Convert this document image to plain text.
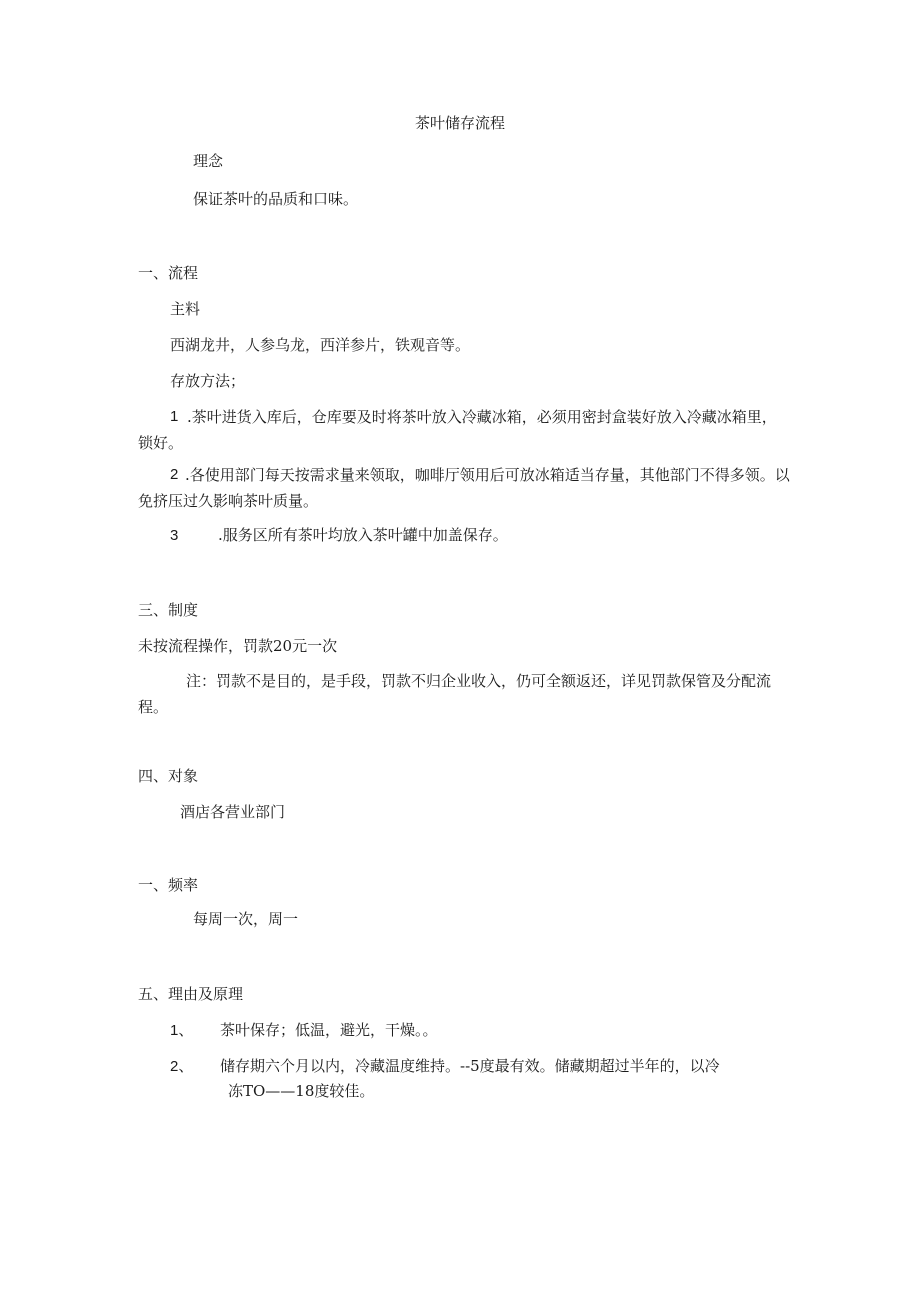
茶叶储存流程

理念

保证茶叶的品质和口味。

一、流程

主料

西湖龙井，人参乌龙，西洋参片，铁观音等。

存放方法；

1 .茶叶进货入库后，仓库要及时将茶叶放入冷藏冰箱，必须用密封盒装好放入冷藏冰箱里，锁好。

2 .各使用部门每天按需求量来领取，咖啡厅领用后可放冰箱适当存量，其他部门不得多领。以免挤压过久影响茶叶质量。

3	.服务区所有茶叶均放入茶叶罐中加盖保存。

三、制度

未按流程操作，罚款20元一次

注：罚款不是目的，是手段，罚款不归企业收入，仍可全额返还，详见罚款保管及分配流程。

四、对象

酒店各营业部门

一、频率

每周一次，周一

五、理由及原理

1、 茶叶保存；低温，避光，干燥。。

2、 储存期六个月以内，冷藏温度维持。--5度最有效。储藏期超过半年的，以冷

冻TO——18度较佳。
